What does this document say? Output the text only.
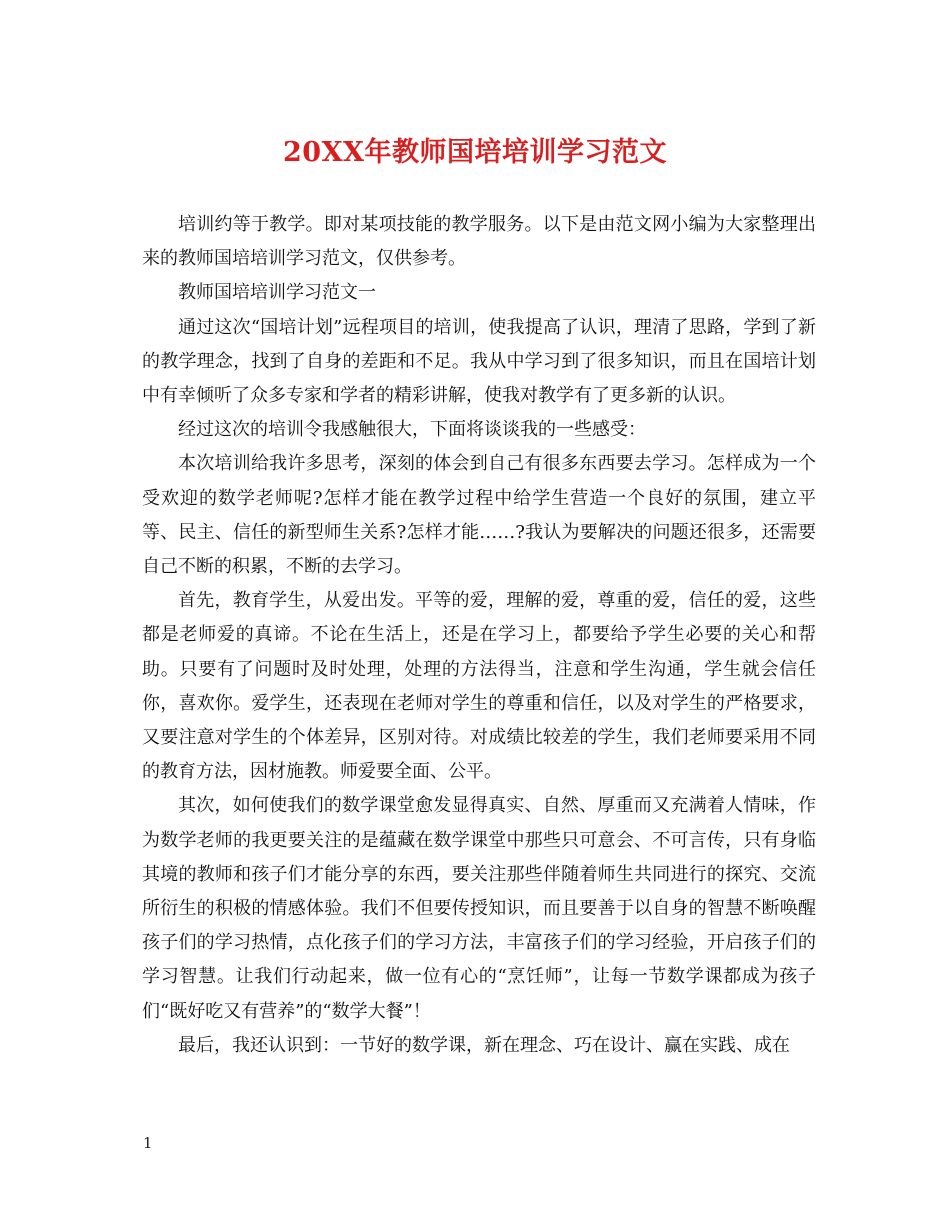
20XX年教师国培培训学习范文

培训约等于教学。即对某项技能的教学服务。以下是由范文网小编为大家整理出来的教师国培培训学习范文，仅供参考。

教师国培培训学习范文一

通过这次“国培计划”远程项目的培训，使我提高了认识，理清了思路，学到了新的教学理念，找到了自身的差距和不足。我从中学习到了很多知识，而且在国培计划中有幸倾听了众多专家和学者的精彩讲解，使我对教学有了更多新的认识。

经过这次的培训令我感触很大，下面将谈谈我的一些感受：

本次培训给我许多思考，深刻的体会到自己有很多东西要去学习。怎样成为一个受欢迎的数学老师呢?怎样才能在教学过程中给学生营造一个良好的氛围，建立平等、民主、信任的新型师生关系?怎样才能……?我认为要解决的问题还很多，还需要自己不断的积累，不断的去学习。

首先，教育学生，从爱出发。平等的爱，理解的爱，尊重的爱，信任的爱，这些都是老师爱的真谛。不论在生活上，还是在学习上，都要给予学生必要的关心和帮助。只要有了问题时及时处理，处理的方法得当，注意和学生沟通，学生就会信任你，喜欢你。爱学生，还表现在老师对学生的尊重和信任，以及对学生的严格要求，又要注意对学生的个体差异，区别对待。对成绩比较差的学生，我们老师要采用不同的教育方法，因材施教。师爱要全面、公平。

其次，如何使我们的数学课堂愈发显得真实、自然、厚重而又充满着人情味，作为数学老师的我更要关注的是蕴藏在数学课堂中那些只可意会、不可言传，只有身临其境的教师和孩子们才能分享的东西，要关注那些伴随着师生共同进行的探究、交流所衍生的积极的情感体验。我们不但要传授知识，而且要善于以自身的智慧不断唤醒孩子们的学习热情，点化孩子们的学习方法，丰富孩子们的学习经验，开启孩子们的学习智慧。让我们行动起来，做一位有心的“烹饪师”，让每一节数学课都成为孩子们“既好吃又有营养”的“数学大餐”！

最后，我还认识到：一节好的数学课，新在理念、巧在设计、赢在实践、成在

1
